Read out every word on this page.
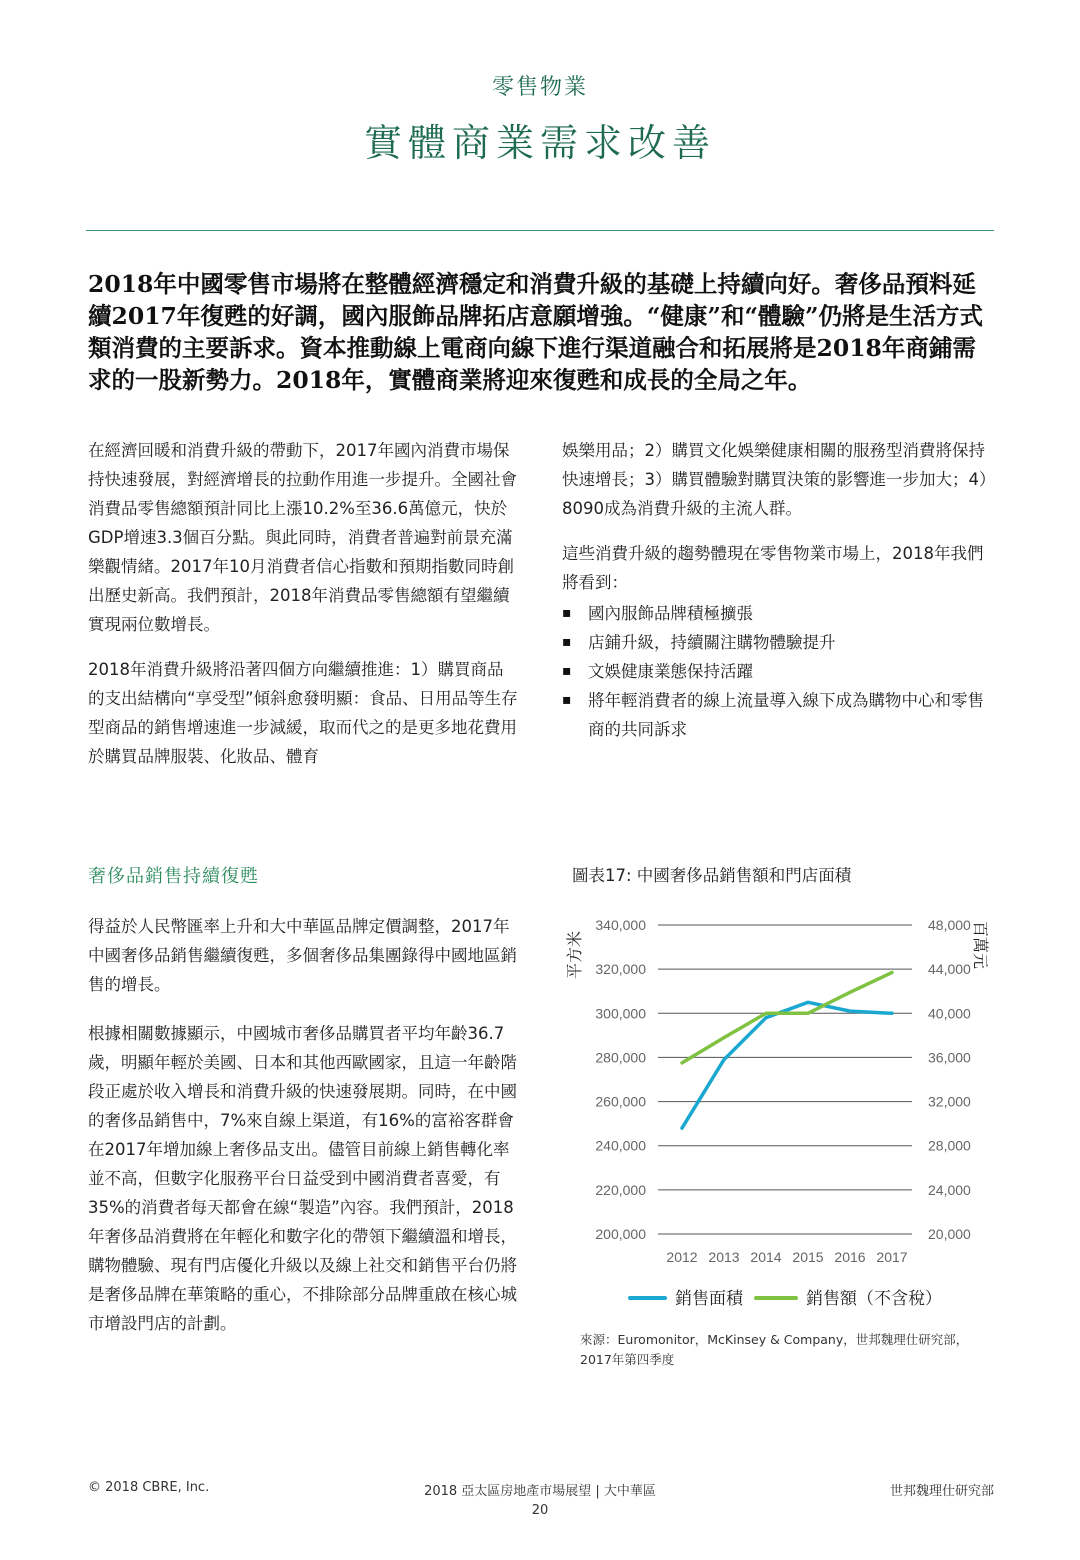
零售物業
實體商業需求改善
2018年中國零售市場將在整體經濟穩定和消費升級的基礎上持續向好。奢侈品預料延續2017年復甦的好調，國內服飾品牌拓店意願增強。“健康”和“體驗”仍將是生活方式類消費的主要訴求。資本推動線上電商向線下進行渠道融合和拓展將是2018年商鋪需求的一股新勢力。2018年，實體商業將迎來復甦和成長的全局之年。

在經濟回暖和消費升級的帶動下，2017年國內消費市場保持快速發展，對經濟增長的拉動作用進一步提升。全國社會消費品零售總額預計同比上漲10.2%至36.6萬億元，快於GDP增速3.3個百分點。與此同時，消費者普遍對前景充滿樂觀情緒。2017年10月消費者信心指數和預期指數同時創出歷史新高。我們預計，2018年消費品零售總額有望繼續實現兩位數增長。

2018年消費升級將沿著四個方向繼續推進：1）購買商品的支出結構向“享受型”傾斜愈發明顯：食品、日用品等生存型商品的銷售增速進一步減緩，取而代之的是更多地花費用於購買品牌服裝、化妝品、體育

娛樂用品；2）購買文化娛樂健康相關的服務型消費將保持快速增長；3）購買體驗對購買決策的影響進一步加大；4）8090成為消費升級的主流人群。

這些消費升級的趨勢體現在零售物業市場上，2018年我們將看到：

▪ 國內服飾品牌積極擴張
▪ 店鋪升級，持續關注購物體驗提升
▪ 文娛健康業態保持活躍
▪ 將年輕消費者的線上流量導入線下成為購物中心和零售商的共同訴求
奢侈品銷售持續復甦

得益於人民幣匯率上升和大中華區品牌定價調整，2017年中國奢侈品銷售繼續復甦，多個奢侈品集團錄得中國地區銷售的增長。

根據相關數據顯示，中國城市奢侈品購買者平均年齡36.7歲，明顯年輕於美國、日本和其他西歐國家，且這一年齡階段正處於收入增長和消費升級的快速發展期。同時，在中國的奢侈品銷售中，7%來自線上渠道，有16%的富裕客群會在2017年增加線上奢侈品支出。儘管目前線上銷售轉化率並不高，但數字化服務平台日益受到中國消費者喜愛，有35%的消費者每天都會在線“製造”內容。我們預計，2018年奢侈品消費將在年輕化和數字化的帶領下繼續溫和增長，購物體驗、現有門店優化升級以及線上社交和銷售平台仍將是奢侈品牌在華策略的重心，不排除部分品牌重啟在核心城市增設門店的計劃。

圖表17: 中國奢侈品銷售額和門店面積
340,000	48,000
320,000	44,000
300,000	40,000
280,000	36,000
260,000	32,000
240,000	28,000
220,000	24,000
200,000	20,000
2012 2013 2014 2015 2016 2017
平方米	百萬元
銷售面積	銷售額（不含稅）
來源：Euromonitor，McKinsey & Company，世邦魏理仕研究部，2017年第四季度
© 2018 CBRE, Inc.	2018 亞太區房地產市場展望 | 大中華區	世邦魏理仕研究部
20
